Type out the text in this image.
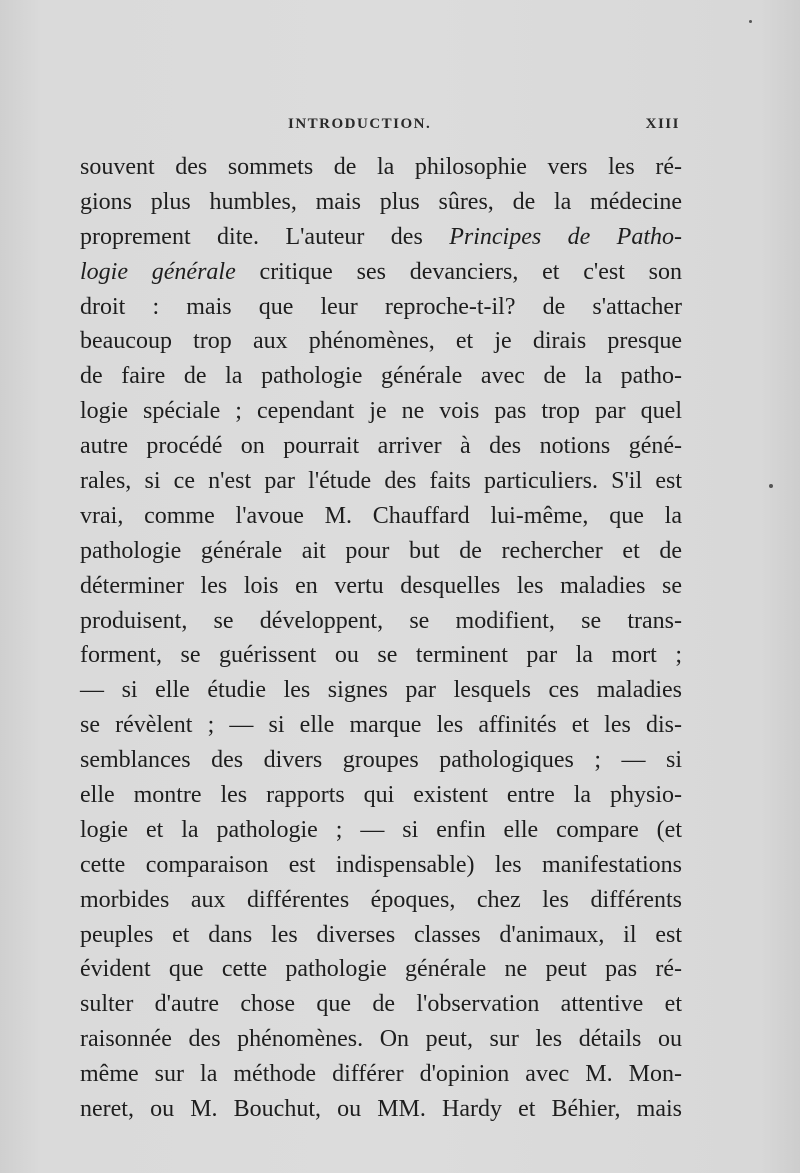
INTRODUCTION.	XIII
souvent des sommets de la philosophie vers les ré-
gions plus humbles, mais plus sûres, de la médecine
proprement dite. L'auteur des Principes de Patho-
logie générale critique ses devanciers, et c'est son
droit : mais que leur reproche-t-il? de s'attacher
beaucoup trop aux phénomènes, et je dirais presque
de faire de la pathologie générale avec de la patho-
logie spéciale ; cependant je ne vois pas trop par quel
autre procédé on pourrait arriver à des notions géné-
rales, si ce n'est par l'étude des faits particuliers. S'il est
vrai, comme l'avoue M. Chauffard lui-même, que la
pathologie générale ait pour but de rechercher et de
déterminer les lois en vertu desquelles les maladies se
produisent, se développent, se modifient, se trans-
forment, se guérissent ou se terminent par la mort ;
— si elle étudie les signes par lesquels ces maladies
se révèlent ; — si elle marque les affinités et les dis-
semblances des divers groupes pathologiques ; — si
elle montre les rapports qui existent entre la physio-
logie et la pathologie ; — si enfin elle compare (et
cette comparaison est indispensable) les manifestations
morbides aux différentes époques, chez les différents
peuples et dans les diverses classes d'animaux, il est
évident que cette pathologie générale ne peut pas ré-
sulter d'autre chose que de l'observation attentive et
raisonnée des phénomènes. On peut, sur les détails ou
même sur la méthode différer d'opinion avec M. Mon-
neret, ou M. Bouchut, ou MM. Hardy et Béhier, mais
